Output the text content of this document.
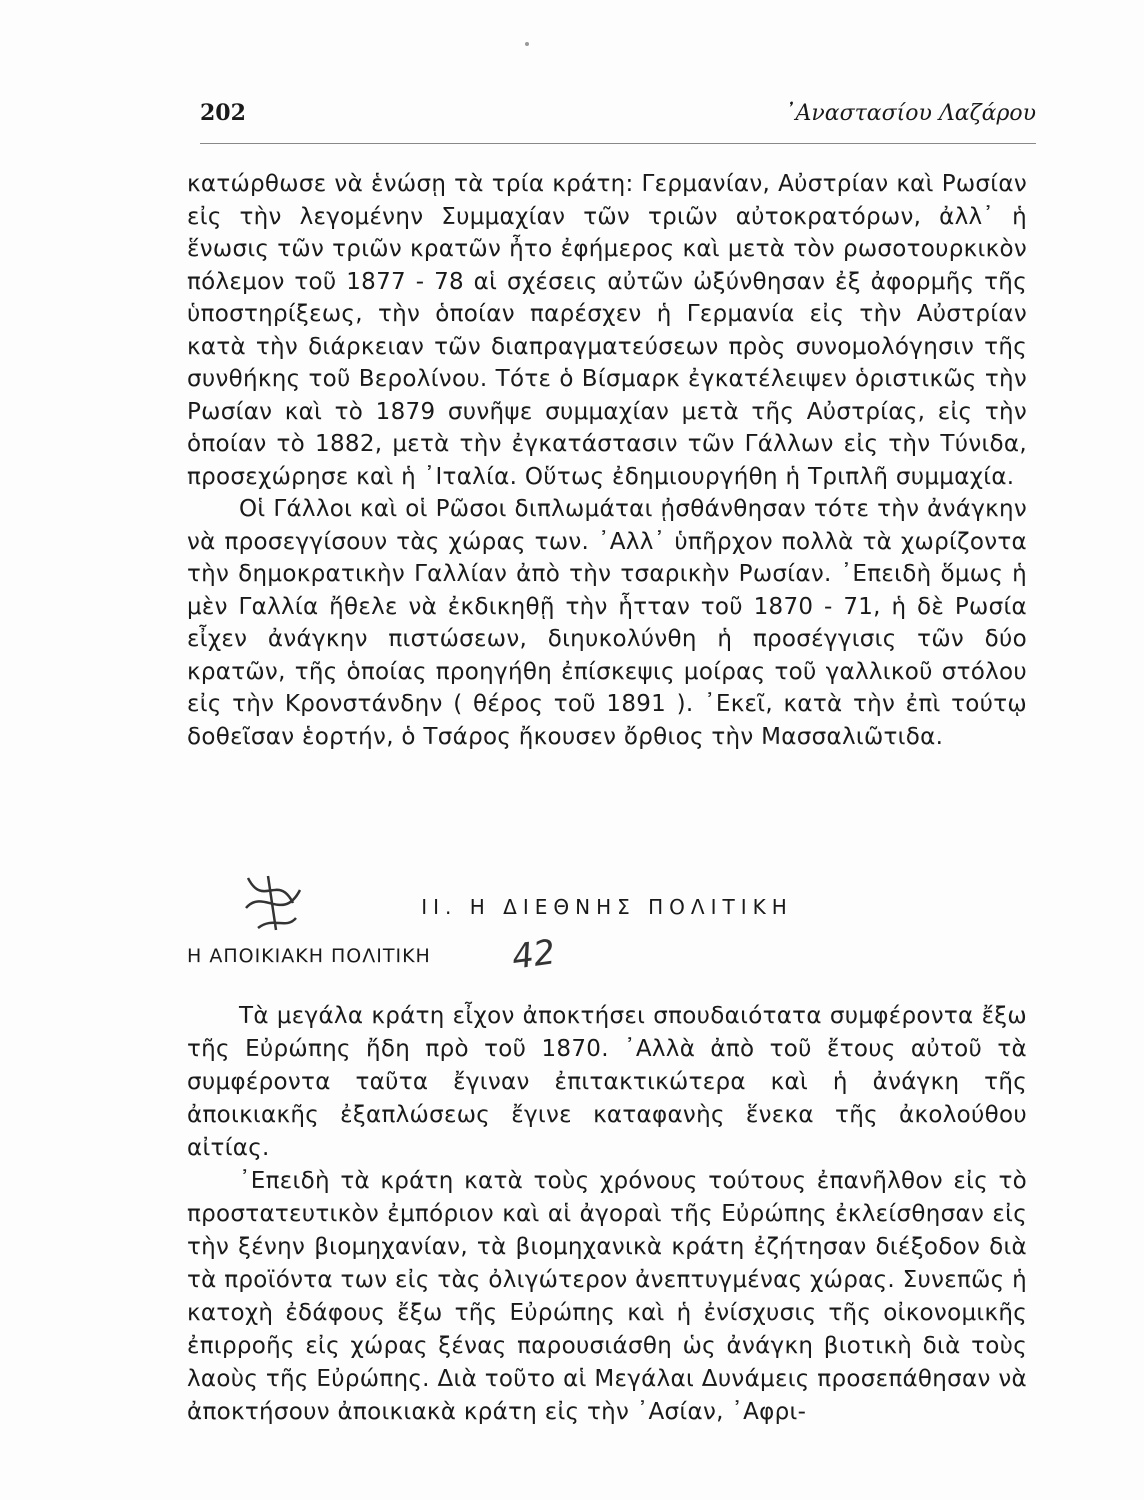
202	᾿Αναστασίου Λαζάρου

κατώρθωσε νὰ ἑνώσῃ τὰ τρία κράτη: Γερμανίαν, Αὐστρίαν καὶ Ρωσίαν εἰς τὴν λεγομένην Συμμαχίαν τῶν τριῶν αὐτοκρατόρων, ἀλλ᾿ ἡ ἕνωσις τῶν τριῶν κρατῶν ἦτο ἐφήμερος καὶ μετὰ τὸν ρωσοτουρκικὸν πόλεμον τοῦ 1877 - 78 αἱ σχέσεις αὐτῶν ὠξύνθησαν ἐξ ἀφορμῆς τῆς ὑποστηρίξεως, τὴν ὁποίαν παρέσχεν ἡ Γερμανία εἰς τὴν Αὐστρίαν κατὰ τὴν διάρκειαν τῶν διαπραγματεύσεων πρὸς συνομολόγησιν τῆς συνθήκης τοῦ Βερολίνου. Τότε ὁ Βίσμαρκ ἐγκατέλειψεν ὁριστικῶς τὴν Ρωσίαν καὶ τὸ 1879 συνῆψε συμμαχίαν μετὰ τῆς Αὐστρίας, εἰς τὴν ὁποίαν τὸ 1882, μετὰ τὴν ἐγκατάστασιν τῶν Γάλλων εἰς τὴν Τύνιδα, προσεχώρησε καὶ ἡ ᾿Ιταλία. Οὕτως ἐδημιουργήθη ἡ Τριπλῆ συμμαχία.

Οἱ Γάλλοι καὶ οἱ Ρῶσοι διπλωμάται ᾐσθάνθησαν τότε τὴν ἀνάγκην νὰ προσεγγίσουν τὰς χώρας των. ᾿Αλλ᾿ ὑπῆρχον πολλὰ τὰ χωρίζοντα τὴν δημοκρατικὴν Γαλλίαν ἀπὸ τὴν τσαρικὴν Ρωσίαν. ᾿Επειδὴ ὅμως ἡ μὲν Γαλλία ἤθελε νὰ ἐκδικηθῇ τὴν ἧτταν τοῦ 1870 - 71, ἡ δὲ Ρωσία εἶχεν ἀνάγκην πιστώσεων, διηυκολύνθη ἡ προσέγγισις τῶν δύο κρατῶν, τῆς ὁποίας προηγήθη ἐπίσκεψις μοίρας τοῦ γαλλικοῦ στόλου εἰς τὴν Κρονστάνδην ( θέρος τοῦ 1891 ). ᾿Εκεῖ, κατὰ τὴν ἐπὶ τούτῳ δοθεῖσαν ἑορτήν, ὁ Τσάρος ἤκουσεν ὄρθιος τὴν Μασσαλιῶτιδα.

ΙΙ. Η ΔΙΕΘΝΗΣ ΠΟΛΙΤΙΚΗ
Η ΑΠΟΙΚΙΑΚΗ ΠΟΛΙΤΙΚΗ 42

Τὰ μεγάλα κράτη εἶχον ἀποκτήσει σπουδαιότατα συμφέροντα ἔξω τῆς Εὐρώπης ἤδη πρὸ τοῦ 1870. ᾿Αλλὰ ἀπὸ τοῦ ἔτους αὐτοῦ τὰ συμφέροντα ταῦτα ἔγιναν ἐπιτακτικώτερα καὶ ἡ ἀνάγκη τῆς ἀποικιακῆς ἐξαπλώσεως ἔγινε καταφανὴς ἕνεκα τῆς ἀκολούθου αἰτίας.

᾿Επειδὴ τὰ κράτη κατὰ τοὺς χρόνους τούτους ἐπανῆλθον εἰς τὸ προστατευτικὸν ἐμπόριον καὶ αἱ ἀγοραὶ τῆς Εὐρώπης ἐκλείσθησαν εἰς τὴν ξένην βιομηχανίαν, τὰ βιομηχανικὰ κράτη ἐζήτησαν διέξοδον διὰ τὰ προϊόντα των εἰς τὰς ὀλιγώτερον ἀνεπτυγμένας χώρας. Συνεπῶς ἡ κατοχὴ ἐδάφους ἔξω τῆς Εὐρώπης καὶ ἡ ἐνίσχυσις τῆς οἰκονομικῆς ἐπιρροῆς εἰς χώρας ξένας παρουσιάσθη ὡς ἀνάγκη βιοτικὴ διὰ τοὺς λαοὺς τῆς Εὐρώπης. Διὰ τοῦτο αἱ Μεγάλαι Δυνάμεις προσεπάθησαν νὰ ἀποκτήσουν ἀποικιακὰ κράτη εἰς τὴν ᾿Ασίαν, ᾿Αφρι-
